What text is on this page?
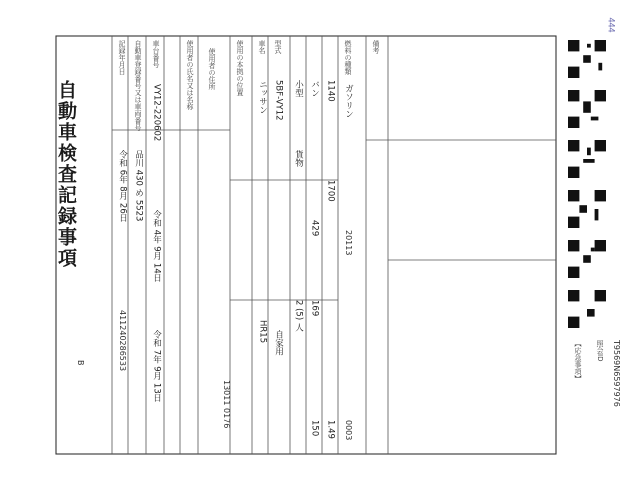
自動車検査記録事項
B
記録年月日
令和 6年 8月 26日
411240286533
自動車登録番号又は車両番号
品川 430 め 5523
車台番号
VY12-220602
令和 4年 9月 14日
令和 7年 9月 13日
使用者の氏名又は名称 使用者の住所
13011 0176
使用の本拠の位置 車名
ニッサン
HR15
型式
5BF-VY12
自家用
小型
貨物
2 (5) 人
バン
429
169
150
1140
1700
1.49
燃料の種類
ガソリン
20113
0003
備考
【応急事項】 照会ID T9569N6597976
444
